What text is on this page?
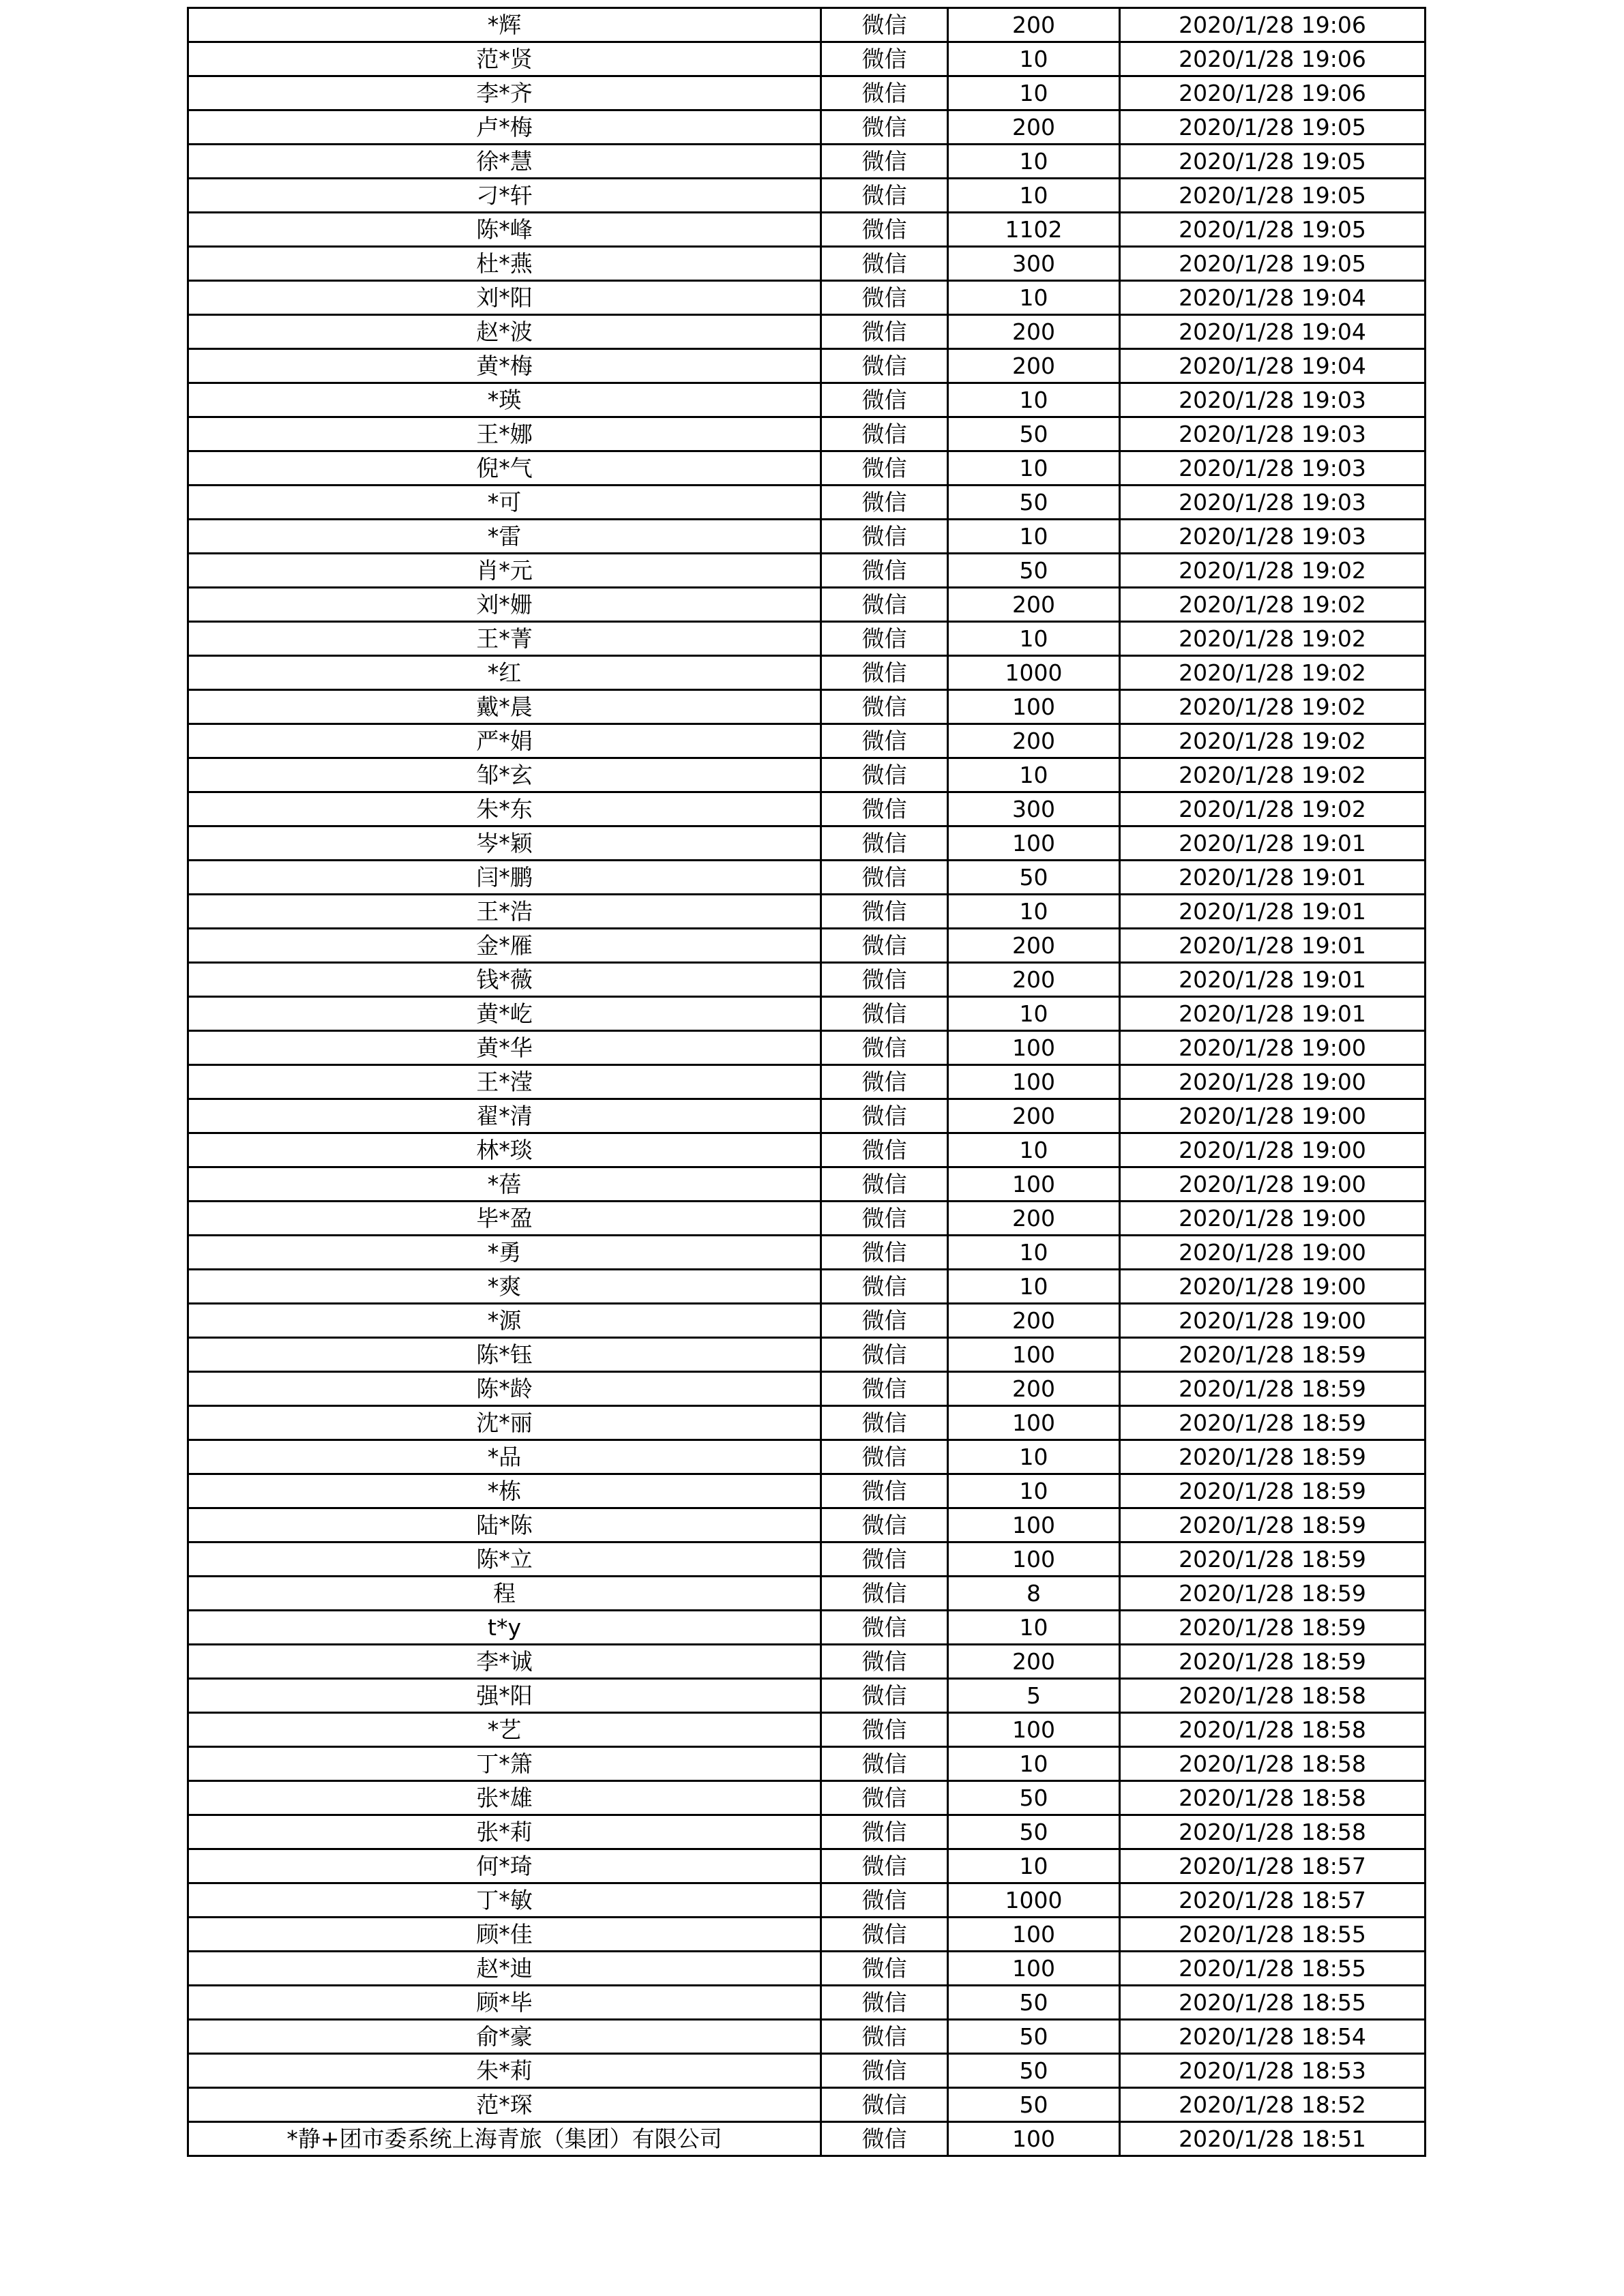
*辉	微信	200	2020/1/28 19:06
范*贤	微信	10	2020/1/28 19:06
李*齐	微信	10	2020/1/28 19:06
卢*梅	微信	200	2020/1/28 19:05
徐*慧	微信	10	2020/1/28 19:05
刁*轩	微信	10	2020/1/28 19:05
陈*峰	微信	1102	2020/1/28 19:05
杜*燕	微信	300	2020/1/28 19:05
刘*阳	微信	10	2020/1/28 19:04
赵*波	微信	200	2020/1/28 19:04
黄*梅	微信	200	2020/1/28 19:04
*瑛	微信	10	2020/1/28 19:03
王*娜	微信	50	2020/1/28 19:03
倪*气	微信	10	2020/1/28 19:03
*可	微信	50	2020/1/28 19:03
*雷	微信	10	2020/1/28 19:03
肖*元	微信	50	2020/1/28 19:02
刘*姗	微信	200	2020/1/28 19:02
王*菁	微信	10	2020/1/28 19:02
*红	微信	1000	2020/1/28 19:02
戴*晨	微信	100	2020/1/28 19:02
严*娟	微信	200	2020/1/28 19:02
邹*玄	微信	10	2020/1/28 19:02
朱*东	微信	300	2020/1/28 19:02
岑*颖	微信	100	2020/1/28 19:01
闫*鹏	微信	50	2020/1/28 19:01
王*浩	微信	10	2020/1/28 19:01
金*雁	微信	200	2020/1/28 19:01
钱*薇	微信	200	2020/1/28 19:01
黄*屹	微信	10	2020/1/28 19:01
黄*华	微信	100	2020/1/28 19:00
王*滢	微信	100	2020/1/28 19:00
翟*清	微信	200	2020/1/28 19:00
林*琰	微信	10	2020/1/28 19:00
*蓓	微信	100	2020/1/28 19:00
毕*盈	微信	200	2020/1/28 19:00
*勇	微信	10	2020/1/28 19:00
*爽	微信	10	2020/1/28 19:00
*源	微信	200	2020/1/28 19:00
陈*钰	微信	100	2020/1/28 18:59
陈*龄	微信	200	2020/1/28 18:59
沈*丽	微信	100	2020/1/28 18:59
*品	微信	10	2020/1/28 18:59
*栋	微信	10	2020/1/28 18:59
陆*陈	微信	100	2020/1/28 18:59
陈*立	微信	100	2020/1/28 18:59
程	微信	8	2020/1/28 18:59
t*y	微信	10	2020/1/28 18:59
李*诚	微信	200	2020/1/28 18:59
强*阳	微信	5	2020/1/28 18:58
*艺	微信	100	2020/1/28 18:58
丁*箫	微信	10	2020/1/28 18:58
张*雄	微信	50	2020/1/28 18:58
张*莉	微信	50	2020/1/28 18:58
何*琦	微信	10	2020/1/28 18:57
丁*敏	微信	1000	2020/1/28 18:57
顾*佳	微信	100	2020/1/28 18:55
赵*迪	微信	100	2020/1/28 18:55
顾*毕	微信	50	2020/1/28 18:55
俞*豪	微信	50	2020/1/28 18:54
朱*莉	微信	50	2020/1/28 18:53
范*琛	微信	50	2020/1/28 18:52
*静+团市委系统上海青旅（集团）有限公司	微信	100	2020/1/28 18:51
